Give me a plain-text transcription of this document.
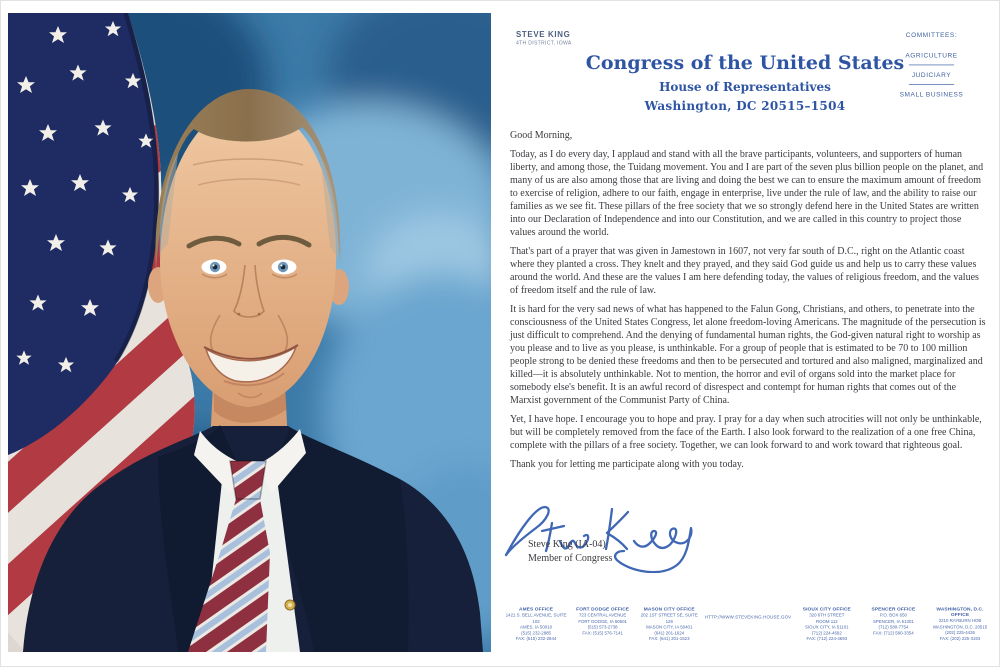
STEVE KING
4TH DISTRICT, IOWA
Congress of the United States
House of Representatives
Washington, DC 20515–1504
COMMITTEES:
AGRICULTURE
JUDICIARY
SMALL BUSINESS

Good Morning,

Today, as I do every day, I applaud and stand with all the brave participants, volunteers, and supporters of human liberty, and among those, the Tuidang movement. You and I are part of the seven plus billion people on the planet, and many of us are also among those that are living and doing the best we can to ensure the maximum amount of freedom to exercise of religion, adhere to our faith, engage in enterprise, live under the rule of law, and the ability to raise our families as we see fit. These pillars of the free society that we so strongly defend here in the United States are written into our Declaration of Independence and into our Constitution, and we are called in this country to project those values around the world.

That's part of a prayer that was given in Jamestown in 1607, not very far south of D.C., right on the Atlantic coast where they planted a cross. They knelt and they prayed, and they said God guide us and help us to carry these values around the world. And these are the values I am here defending today, the values of religious freedom, and the values of freedom itself and the rule of law.

It is hard for the very sad news of what has happened to the Falun Gong, Christians, and others, to penetrate into the consciousness of the United States Congress, let alone freedom-loving Americans. The magnitude of the persecution is just difficult to comprehend. And the denying of fundamental human rights, the God-given natural right to worship as you please and to live as you please, is unthinkable. For a group of people that is estimated to be 70 to 100 million people strong to be denied these freedoms and then to be persecuted and tortured and also maligned, marginalized and killed—it is absolutely unthinkable. Not to mention, the horror and evil of organs sold into the market place for somebody else's benefit. It is an awful record of disrespect and contempt for human rights that comes out of the Marxist government of the Communist Party of China.

Yet, I have hope. I encourage you to hope and pray. I pray for a day when such atrocities will not only be unthinkable, but will be completely removed from the face of the Earth. I also look forward to the realization of a one free China, complete with the pillars of a free society. Together, we can look forward to and work toward that righteous goal.

Thank you for letting me participate along with you today.

Steve King (IA-04)
Member of Congress
AMES OFFICE
1421 S. BELL AVENUE, SUITE 102
AMES, IA 50010
(515) 232-2885
FAX: (515) 232-2844
FORT DODGE OFFICE
723 CENTRAL AVENUE
FORT DODGE, IA 50501
(515) 573-2738
FAX: (515) 576-7141
MASON CITY OFFICE
202 1ST STREET SE, SUITE 126
MASON CITY, IA 50401
(641) 201-1624
FAX: (641) 201-1523
HTTP://WWW.STEVEKING.HOUSE.GOV
SIOUX CITY OFFICE
320 6TH STREET
ROOM 112
SIOUX CITY, IA 51101
(712) 224-4692
FAX: (712) 224-4693
SPENCER OFFICE
P.O. BOX 650
SPENCER, IA 51301
(712) 580-7754
FAX: (712) 580-3354
WASHINGTON, D.C. OFFICE
2210 RAYBURN HOB
WASHINGTON, D.C. 20515
(202) 225-4426
FAX: (202) 225-3193
